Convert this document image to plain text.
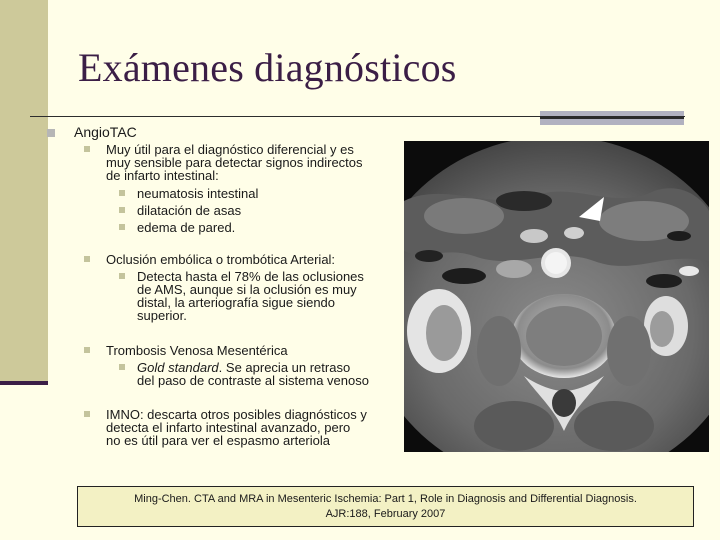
Exámenes diagnósticos
AngioTAC
Muy útil para el diagnóstico diferencial y es
muy sensible para detectar signos indirectos
de infarto intestinal:
neumatosis intestinal
dilatación de asas
edema de pared.
Oclusión embólica o trombótica Arterial:
Detecta hasta el 78% de las oclusiones
de AMS, aunque si la oclusión es muy
distal, la arteriografía sigue siendo
superior.
Trombosis Venosa Mesentérica
Gold standard. Se aprecia un retraso
del paso de contraste al sistema venoso
IMNO: descarta otros posibles diagnósticos y
detecta el infarto intestinal avanzado, pero
no es útil para ver el espasmo arteriola
Ming-Chen. CTA and MRA in Mesenteric Ischemia: Part 1, Role in Diagnosis and Differential Diagnosis.
AJR:188, February 2007
